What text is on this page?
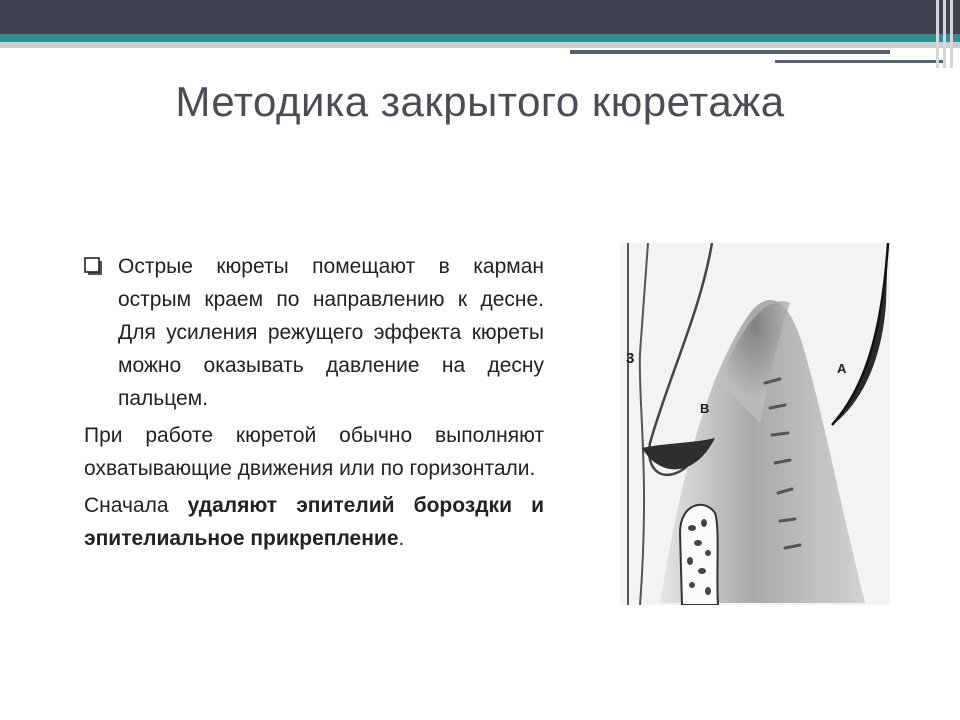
Методика закрытого кюретажа

Острые кюреты помещают в карман острым краем по направлению к десне. Для усиления режущего эффекта кюреты можно оказывать давление на десну пальцем.

При работе кюретой обычно выполняют охватывающие движения или по горизонтали.

Сначала удаляют эпителий бороздки и эпителиальное прикрепление.

3
A
B
